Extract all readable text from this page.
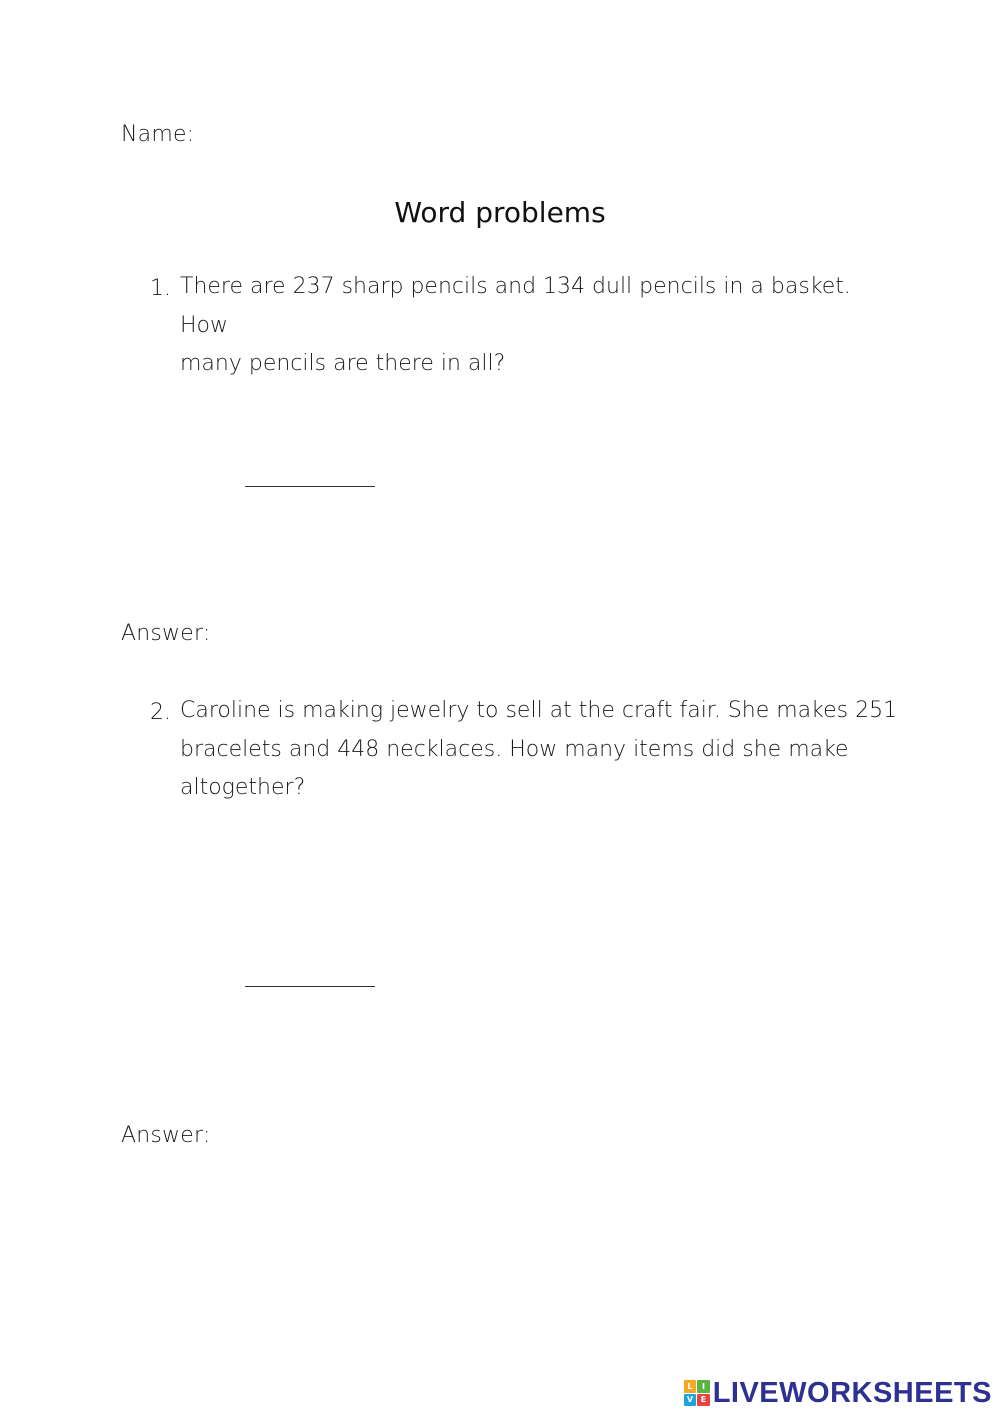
Name:
Word problems
1. There are 237 sharp pencils and 134 dull pencils in a basket. How
many pencils are there in all?
Answer:
2. Caroline is making jewelry to sell at the craft fair. She makes 251
bracelets and 448 necklaces. How many items did she make
altogether?
Answer:
L	I
V E LIVEWORKSHEETS
